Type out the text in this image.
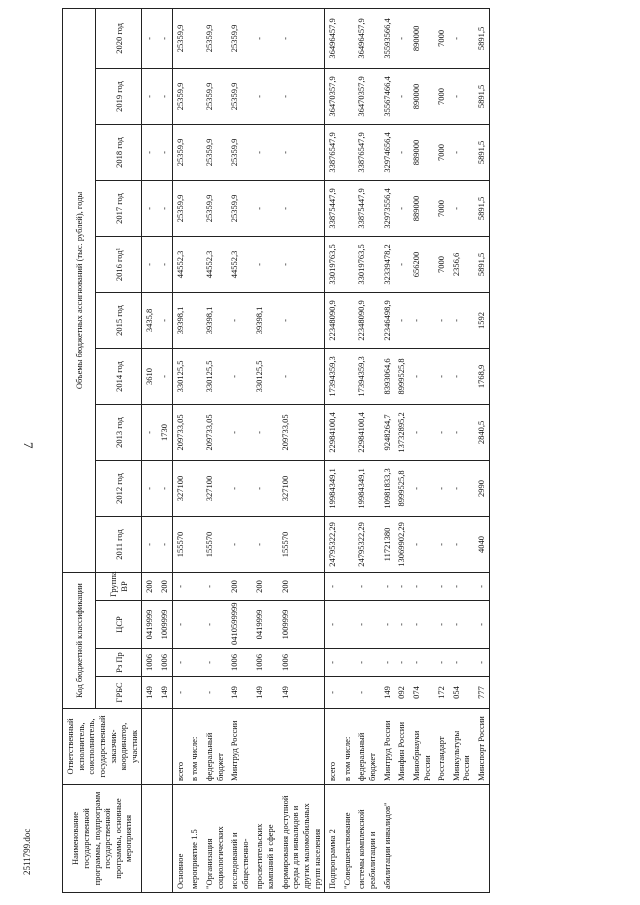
7
2511799.doc	Наименование государственной программы, подпрограмм государственной программы, основные мероприятия	Ответственный исполнитель, соисполнитель, государственный заказчик-координатор, участник	Код бюджетной классификации				Объемы бюджетных ассигнований (тыс. рублей), годы									
		ГРБС	Рз Пр	ЦСР	Группа ВР	2011 год	2012 год	2013 год	2014 год	2015 год	2016 год¹	2017 год	2018 год	2019 год	2020 год
		149	1006	0419999	200	-	-	-	3610	3435,8	-	-	-	-	-
		149	1006	1009999	200	-	-	1730	-	-	-	-	-	-	-
Основное	всего	-	-	-	-	155570	327100	209733,05	330125,5	39398,1	44552,3	25359,9	25359,9	25359,9	25359,9
мероприятие 1.5	в том числе:														
"Организация социологических	федеральный бюджет	-	-	-	-	155570	327100	209733,05	330125,5	39398,1	44552,3	25359,9	25359,9	25359,9	25359,9
исследований и общественно-	Минтруд России	149	1006	0410599999	200	-	-	-	-	-	44552,3	25359,9	25359,9	25359,9	25359,9
просветительских кампаний в сфере		149	1006	0419999	200	-	-	-	330125,5	39398,1	-	-	-	-	-
формирования доступной среды для инвалидов и других маломобильных групп населения		149	1006	1009999	200	155570	327100	209733,05	-	-	-	-	-	-	-
Подпрограмма 2	всего	-	-	-	-	24795322,29	19984349,1	22984100,4	17394359,3	22348090,9	33019763,5	33875447,9	33876547,9	36470357,9	36496457,9
"Совершенствование	в том числе:														
системы комплексной реабилитации и	федеральный бюджет	-	-	-	-	24795322,29	19984349,1	22984100,4	17394359,3	22348090,9	33019763,5	33875447,9	33876547,9	36470357,9	36496457,9
абилитации инвалидов"	Минтруд России	149	-	-	-	11721380	10981833,3	9248264,7	8393064,6	22346498,9	32339478,2	32973556,4	32974656,4	35567466,4	35593566,4
	Минфин России	092	-	-	-	13069902,29	8999525,8	13732895,2	8999525,8	-	-	-	-	-	-
	Минобрнауки России	074	-	-	-	-	-	-	-	-	656200	889000	889000	890000	890000
	Росстандарт	172	-	-	-	-	-	-	-	-	7000	7000	7000	7000	7000
	Минкультуры России	054	-	-	-	-	-	-	-	-	2356,6	-	-	-	-
	Минспорт России	777	-	-	-	4040	2990	2840,5	1768,9	1592	5891,5	5891,5	5891,5	5891,5	5891,5
